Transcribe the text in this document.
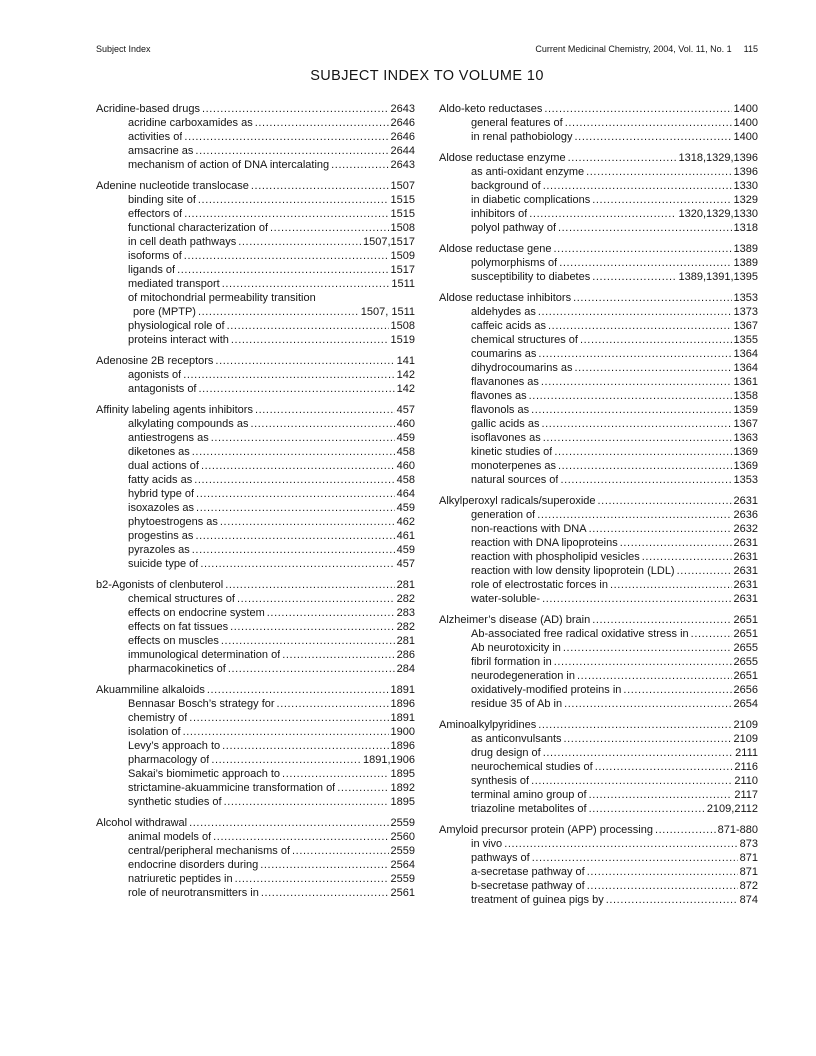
Subject Index	Current Medicinal Chemistry, 2004, Vol. 11, No. 1 115
SUBJECT INDEX TO VOLUME 10
Acridine-based drugs .....	2643
acridine carboxamides as .....	2646
activities of .....	2646
amsacrine as .....	2644
mechanism of action of DNA intercalating .....	2643
Adenine nucleotide translocase .....	1507
binding site of .....	1515
effectors of .....	1515
functional characterization of .....	1508
in cell death pathways .....	1507,1517
isoforms of .....	1509
ligands of .....	1517
mediated transport .....	1511
of mitochondrial permeability transition
pore (MPTP) .....	1507, 1511
physiological role of .....	1508
proteins interact with .....	1519
Adenosine 2B receptors .....	141
agonists of .....	142
antagonists of .....	142
Affinity labeling agents inhibitors .....	457
alkylating compounds as .....	460
antiestrogens as .....	459
diketones as .....	458
dual actions of .....	460
fatty acids as .....	458
hybrid type of .....	464
isoxazoles as .....	459
phytoestrogens as .....	462
progestins as .....	461
pyrazoles as .....	459
suicide type of .....	457
b2-Agonists of clenbuterol .....	281
chemical structures of .....	282
effects on endocrine system .....	283
effects on fat tissues .....	282
effects on muscles .....	281
immunological determination of .....	286
pharmacokinetics of .....	284
Akuammiline alkaloids .....	1891
Bennasar Bosch’s strategy for .....	1896
chemistry of .....	1891
isolation of .....	1900
Levy’s approach to .....	1896
pharmacology of .....	1891,1906
Sakai’s biomimetic approach to .....	1895
strictamine-akuammicine transformation of .....	1892
synthetic studies of .....	1895
Alcohol withdrawal .....	2559
animal models of .....	2560
central/peripheral mechanisms of .....	2559
endocrine disorders during .....	2564
natriuretic peptides in .....	2559
role of neurotransmitters in .....	2561
Aldo-keto reductases .....	1400
general features of .....	1400
in renal pathobiology .....	1400
Aldose reductase enzyme .....	1318,1329,1396
as anti-oxidant enzyme .....	1396
background of .....	1330
in diabetic complications .....	1329
inhibitors of .....	1320,1329,1330
polyol pathway of .....	1318
Aldose reductase gene .....	1389
polymorphisms of .....	1389
susceptibility to diabetes .....	1389,1391,1395
Aldose reductase inhibitors .....	1353
aldehydes as .....	1373
caffeic acids as .....	1367
chemical structures of .....	1355
coumarins as .....	1364
dihydrocoumarins as .....	1364
flavanones as .....	1361
flavones as .....	1358
flavonols as .....	1359
gallic acids as .....	1367
isoflavones as .....	1363
kinetic studies of .....	1369
monoterpenes as .....	1369
natural sources of .....	1353
Alkylperoxyl radicals/superoxide .....	2631
generation of .....	2636
non-reactions with DNA .....	2632
reaction with DNA lipoproteins .....	2631
reaction with phospholipid vesicles .....	2631
reaction with low density lipoprotein (LDL) .....	2631
role of electrostatic forces in .....	2631
water-soluble- .....	2631
Alzheimer’s disease (AD) brain .....	2651
Ab-associated free radical oxidative stress in .....	2651
Ab neurotoxicity in .....	2655
fibril formation in .....	2655
neurodegeneration in .....	2651
oxidatively-modified proteins in .....	2656
residue 35 of Ab in .....	2654
Aminoalkylpyridines .....	2109
as anticonvulsants .....	2109
drug design of .....	2111
neurochemical studies of .....	2116
synthesis of .....	2110
terminal amino group of .....	2117
triazoline metabolites of .....	2109,2112
Amyloid precursor protein (APP) processing .....	871-880
in vivo .....	873
pathways of .....	871
a-secretase pathway of .....	871
b-secretase pathway of .....	872
treatment of guinea pigs by .....	874
